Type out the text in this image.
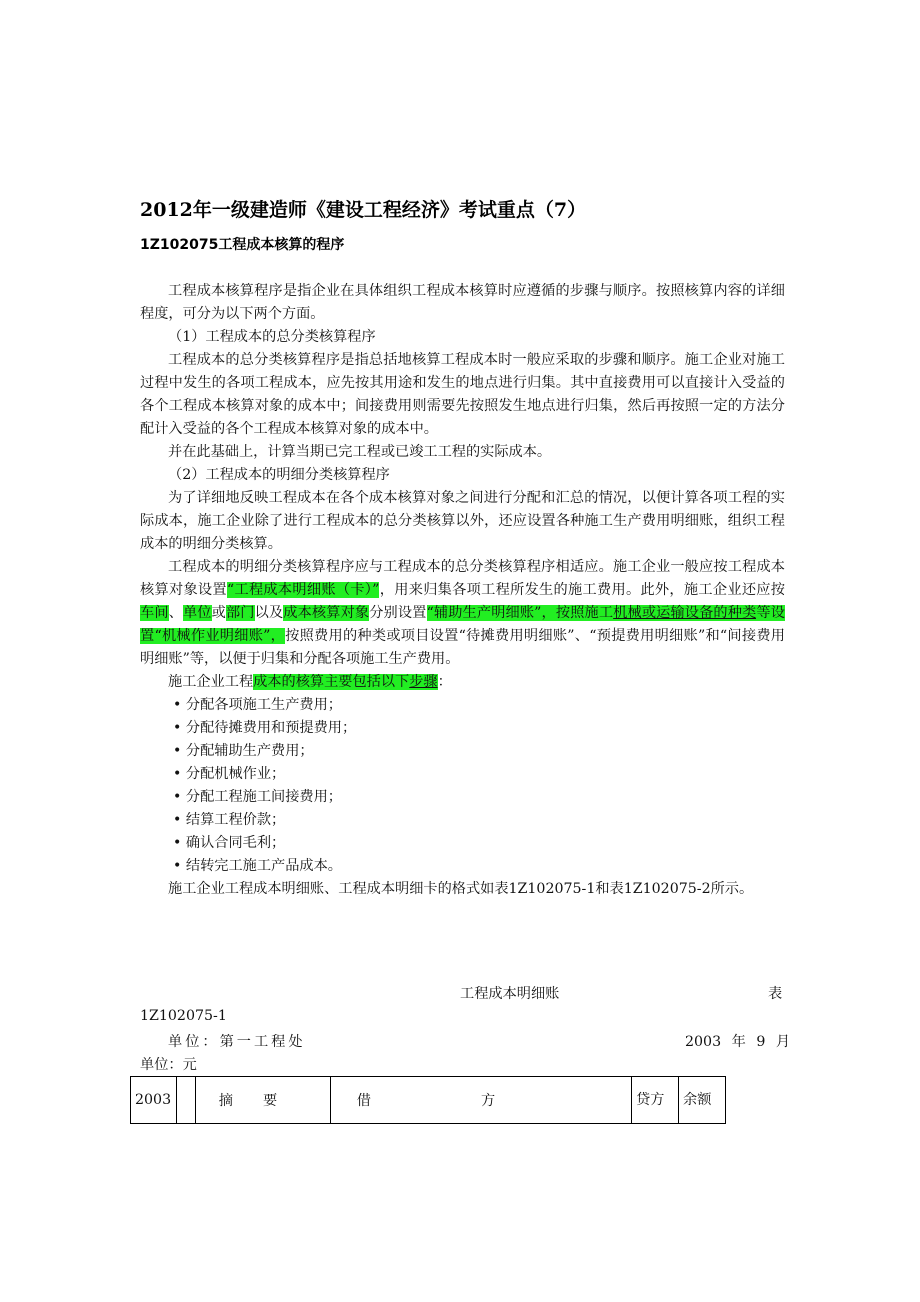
2012年一级建造师《建设工程经济》考试重点（7）
1Z102075工程成本核算的程序

工程成本核算程序是指企业在具体组织工程成本核算时应遵循的步骤与顺序。按照核算内容的详细程度，可分为以下两个方面。

（1）工程成本的总分类核算程序

工程成本的总分类核算程序是指总括地核算工程成本时一般应采取的步骤和顺序。施工企业对施工过程中发生的各项工程成本，应先按其用途和发生的地点进行归集。其中直接费用可以直接计入受益的各个工程成本核算对象的成本中；间接费用则需要先按照发生地点进行归集，然后再按照一定的方法分配计入受益的各个工程成本核算对象的成本中。

并在此基础上，计算当期已完工程或已竣工工程的实际成本。

（2）工程成本的明细分类核算程序

为了详细地反映工程成本在各个成本核算对象之间进行分配和汇总的情况，以便计算各项工程的实际成本，施工企业除了进行工程成本的总分类核算以外，还应设置各种施工生产费用明细账，组织工程成本的明细分类核算。

工程成本的明细分类核算程序应与工程成本的总分类核算程序相适应。施工企业一般应按工程成本核算对象设置“工程成本明细账（卡）”，用来归集各项工程所发生的施工费用。此外，施工企业还应按车间、单位或部门以及成本核算对象分别设置“辅助生产明细账”，按照施工机械或运输设备的种类等设置“机械作业明细账”，按照费用的种类或项目设置“待摊费用明细账”、“预提费用明细账”和“间接费用明细账”等，以便于归集和分配各项施工生产费用。

施工企业工程成本的核算主要包括以下步骤：

• 分配各项施工生产费用；
• 分配待摊费用和预提费用；
• 分配辅助生产费用；
• 分配机械作业；
• 分配工程施工间接费用；
• 结算工程价款；
• 确认合同毛利；
• 结转完工施工产品成本。

施工企业工程成本明细账、工程成本明细卡的格式如表1Z102075-1和表1Z102075-2所示。

工程成本明细账	表
1Z102075-1
单位：第一工程处	2003 年 9 月
单位：元
2003		摘要	借方	贷方	余额
